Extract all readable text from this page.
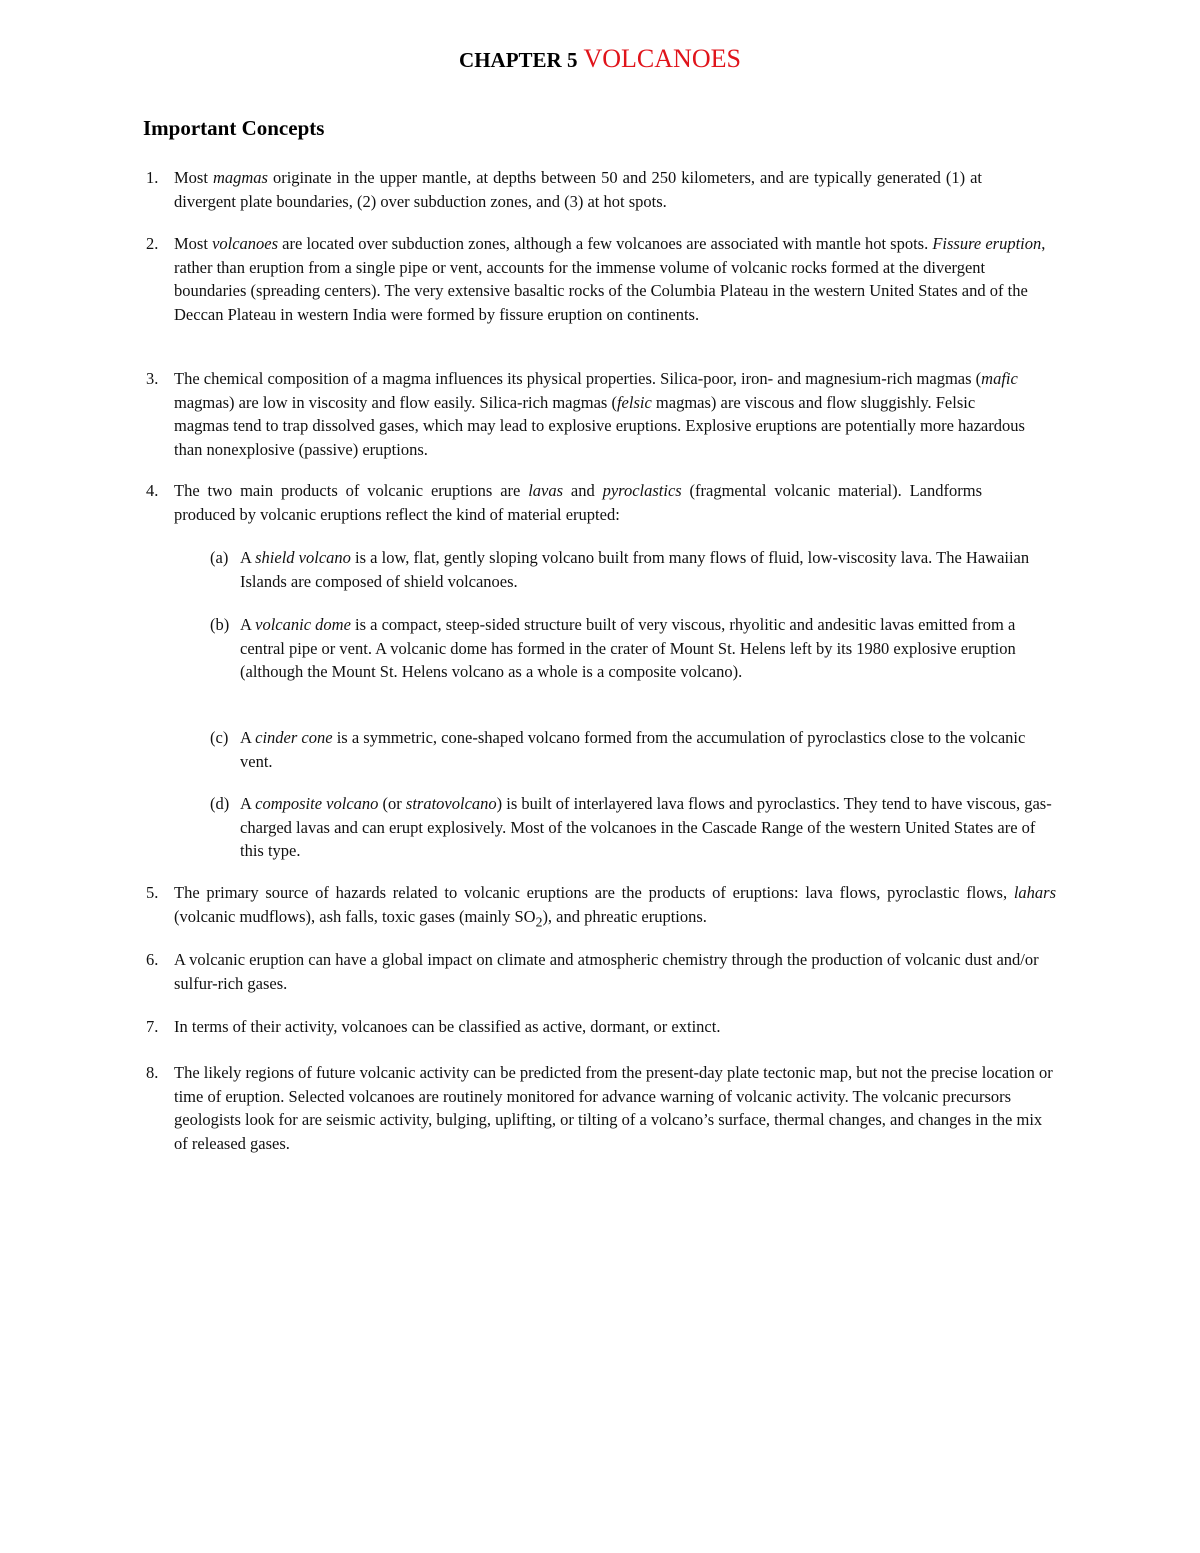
CHAPTER 5 VOLCANOES
Important Concepts
1. Most magmas originate in the upper mantle, at depths between 50 and 250 kilometers, and are typically generated (1) at divergent plate boundaries, (2) over subduction zones, and (3) at hot spots.
2. Most volcanoes are located over subduction zones, although a few volcanoes are associated with mantle hot spots. Fissure eruption, rather than eruption from a single pipe or vent, accounts for the immense volume of volcanic rocks formed at the divergent boundaries (spreading centers). The very extensive basaltic rocks of the Columbia Plateau in the western United States and of the Deccan Plateau in western India were formed by fissure eruption on continents.
3. The chemical composition of a magma influences its physical properties. Silica-poor, iron- and magnesium-rich magmas (mafic magmas) are low in viscosity and flow easily. Silica-rich magmas (felsic magmas) are viscous and flow sluggishly. Felsic magmas tend to trap dissolved gases, which may lead to explosive eruptions. Explosive eruptions are potentially more hazardous than nonexplosive (passive) eruptions.
4. The two main products of volcanic eruptions are lavas and pyroclastics (fragmental volcanic material). Landforms produced by volcanic eruptions reflect the kind of material erupted:
(a) A shield volcano is a low, flat, gently sloping volcano built from many flows of fluid, low-viscosity lava. The Hawaiian Islands are composed of shield volcanoes.
(b) A volcanic dome is a compact, steep-sided structure built of very viscous, rhyolitic and andesitic lavas emitted from a central pipe or vent. A volcanic dome has formed in the crater of Mount St. Helens left by its 1980 explosive eruption (although the Mount St. Helens volcano as a whole is a composite volcano).
(c) A cinder cone is a symmetric, cone-shaped volcano formed from the accumulation of pyroclastics close to the volcanic vent.
(d) A composite volcano (or stratovolcano) is built of interlayered lava flows and pyroclastics. They tend to have viscous, gas-charged lavas and can erupt explosively. Most of the volcanoes in the Cascade Range of the western United States are of this type.
5. The primary source of hazards related to volcanic eruptions are the products of eruptions: lava flows, pyroclastic flows, lahars (volcanic mudflows), ash falls, toxic gases (mainly $SO_2$), and phreatic eruptions.
6. A volcanic eruption can have a global impact on climate and atmospheric chemistry through the production of volcanic dust and/or sulfur-rich gases.
7. In terms of their activity, volcanoes can be classified as active, dormant, or extinct.
8. The likely regions of future volcanic activity can be predicted from the present-day plate tectonic map, but not the precise location or time of eruption. Selected volcanoes are routinely monitored for advance warning of volcanic activity. The volcanic precursors geologists look for are seismic activity, bulging, uplifting, or tilting of a volcano’s surface, thermal changes, and changes in the mix of released gases.
